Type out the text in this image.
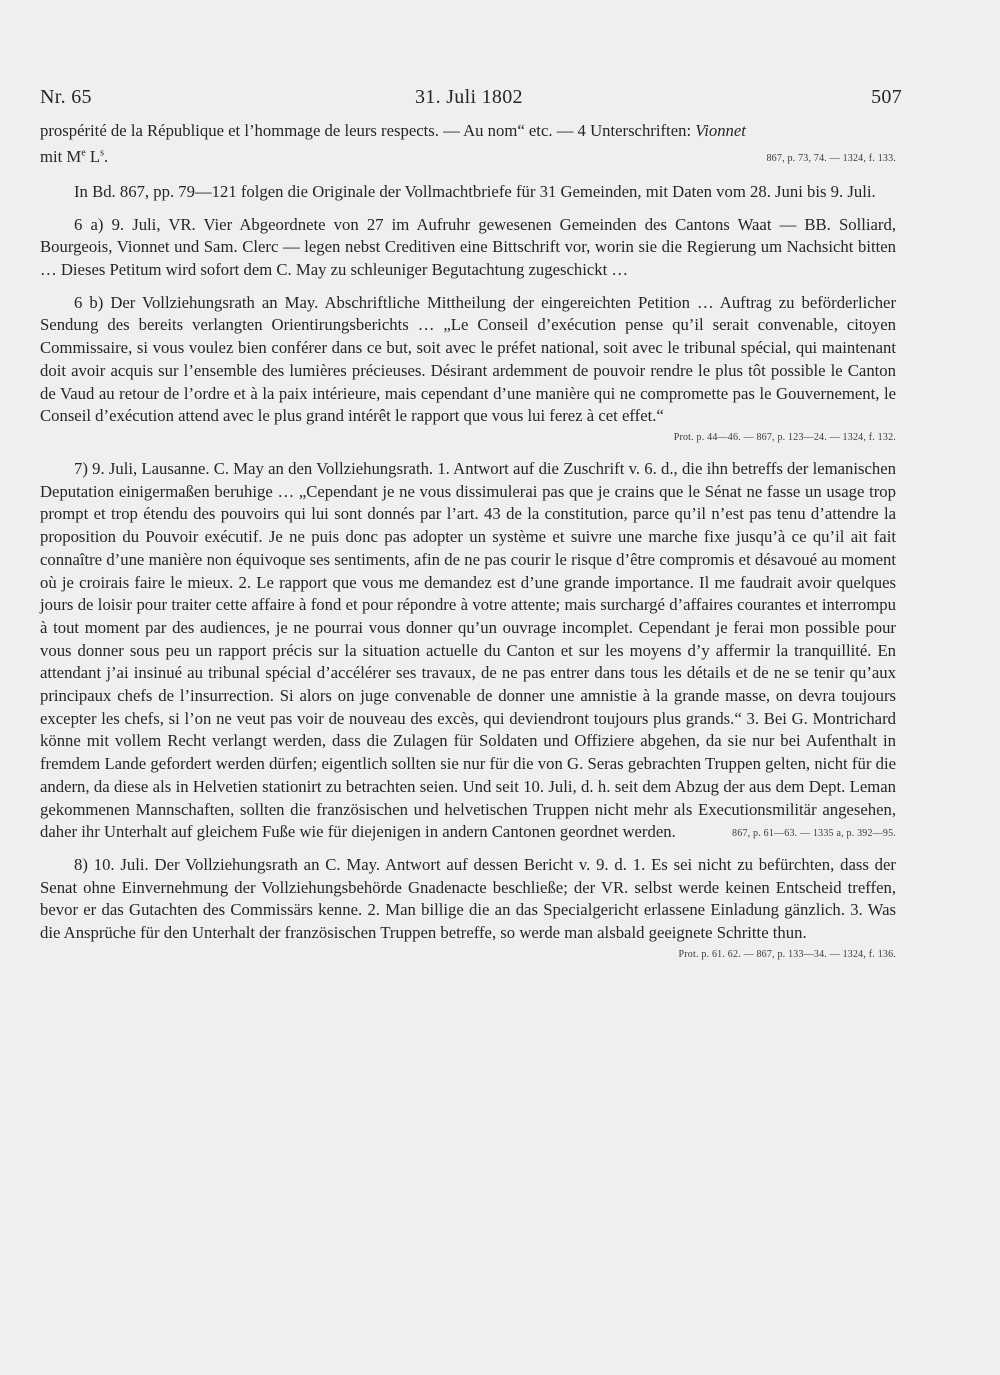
Nr. 65	31. Juli 1802	507

prospérité de la République et l’hommage de leurs respects. — Au nom“ etc. — 4 Unterschriften: Vionnet
mit Me $L^s$.	867, p. 73, 74. — 1324, f. 133.

In Bd. 867, pp. 79—121 folgen die Originale der Vollmachtbriefe für 31 Gemeinden, mit Daten vom 28. Juni bis 9. Juli.

6 a) 9. Juli, VR. Vier Abgeordnete von 27 im Aufruhr gewesenen Gemeinden des Cantons Waat — BB. Solliard, Bourgeois, Vionnet und Sam. Clerc — legen nebst Creditiven eine Bittschrift vor, worin sie die Regierung um Nachsicht bitten … Dieses Petitum wird sofort dem C. May zu schleuniger Begutachtung zugeschickt …

6 b) Der Vollziehungsrath an May. Abschriftliche Mittheilung der eingereichten Petition … Auftrag zu beförderlicher Sendung des bereits verlangten Orientirungsberichts … „Le Conseil d’exécution pense qu’il serait convenable, citoyen Commissaire, si vous voulez bien conférer dans ce but, soit avec le préfet national, soit avec le tribunal spécial, qui maintenant doit avoir acquis sur l’ensemble des lumières précieuses. Désirant ardemment de pouvoir rendre le plus tôt possible le Canton de Vaud au retour de l’ordre et à la paix intérieure, mais cependant d’une manière qui ne compromette pas le Gouvernement, le Conseil d’exécution attend avec le plus grand intérêt le rapport que vous lui ferez à cet effet.“

Prot. p. 44—46. — 867, p. 123—24. — 1324, f. 132.

7) 9. Juli, Lausanne. C. May an den Vollziehungsrath. 1. Antwort auf die Zuschrift v. 6. d., die ihn betreffs der lemanischen Deputation einigermaßen beruhige … „Cependant je ne vous dissimulerai pas que je crains que le Sénat ne fasse un usage trop prompt et trop étendu des pouvoirs qui lui sont donnés par l’art. 43 de la constitution, parce qu’il n’est pas tenu d’attendre la proposition du Pouvoir exécutif. Je ne puis donc pas adopter un système et suivre une marche fixe jusqu’à ce qu’il ait fait connaître d’une manière non équivoque ses sentiments, afin de ne pas courir le risque d’être compromis et désavoué au moment où je croirais faire le mieux. 2. Le rapport que vous me demandez est d’une grande importance. Il me faudrait avoir quelques jours de loisir pour traiter cette affaire à fond et pour répondre à votre attente; mais surchargé d’affaires courantes et interrompu à tout moment par des audiences, je ne pourrai vous donner qu’un ouvrage incomplet. Cependant je ferai mon possible pour vous donner sous peu un rapport précis sur la situation actuelle du Canton et sur les moyens d’y affermir la tranquillité. En attendant j’ai insinué au tribunal spécial d’accélérer ses travaux, de ne pas entrer dans tous les détails et de ne se tenir qu’aux principaux chefs de l’insurrection. Si alors on juge convenable de donner une amnistie à la grande masse, on devra toujours excepter les chefs, si l’on ne veut pas voir de nouveau des excès, qui deviendront toujours plus grands.“ 3. Bei G. Montrichard könne mit vollem Recht verlangt werden, dass die Zulagen für Soldaten und Offiziere abgehen, da sie nur bei Aufenthalt in fremdem Lande gefordert werden dürfen; eigentlich sollten sie nur für die von G. Seras gebrachten Truppen gelten, nicht für die andern, da diese als in Helvetien stationirt zu betrachten seien. Und seit 10. Juli, d. h. seit dem Abzug der aus dem Dept. Leman gekommenen Mannschaften, sollten die französischen und helvetischen Truppen nicht mehr als Executionsmilitär angesehen, daher ihr Unterhalt auf gleichem Fuße wie für diejenigen in andern Cantonen geordnet werden.	867, p. 61—63. — 1335 a, p. 392—95.

8) 10. Juli. Der Vollziehungsrath an C. May. Antwort auf dessen Bericht v. 9. d. 1. Es sei nicht zu befürchten, dass der Senat ohne Einvernehmung der Vollziehungsbehörde Gnadenacte beschließe; der VR. selbst werde keinen Entscheid treffen, bevor er das Gutachten des Commissärs kenne. 2. Man billige die an das Specialgericht erlassene Einladung gänzlich. 3. Was die Ansprüche für den Unterhalt der französischen Truppen betreffe, so werde man alsbald geeignete Schritte thun.

Prot. p. 61. 62. — 867, p. 133—34. — 1324, f. 136.
